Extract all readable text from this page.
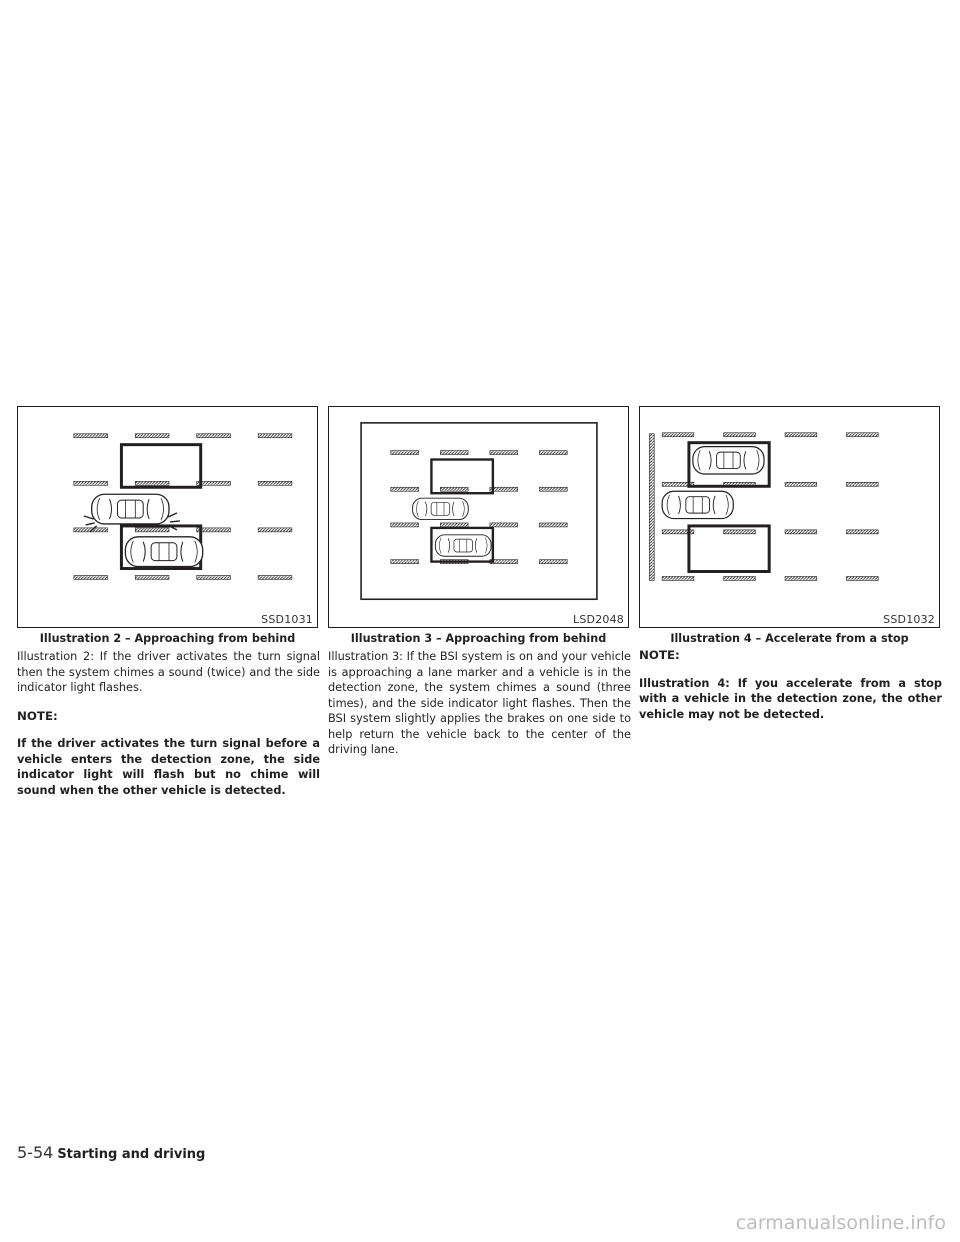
SSD1031
Illustration 2 – Approaching from behind
LSD2048
Illustration 3 – Approaching from behind
SSD1032
Illustration 4 – Accelerate from a stop

Illustration 2: If the driver activates the turn signal then the system chimes a sound (twice) and the side indicator light flashes.

NOTE:

If the driver activates the turn signal before a vehicle enters the detection zone, the side indicator light will flash but no chime will sound when the other vehicle is detected.

Illustration 3: If the BSI system is on and your vehicle is approaching a lane marker and a vehicle is in the detection zone, the system chimes a sound (three times), and the side indicator light flashes. Then the BSI system slightly applies the brakes on one side to help return the vehicle back to the center of the driving lane.

NOTE:

Illustration 4: If you accelerate from a stop with a vehicle in the detection zone, the other vehicle may not be detected.

5-54 Starting and driving
carmanualsonline.info
